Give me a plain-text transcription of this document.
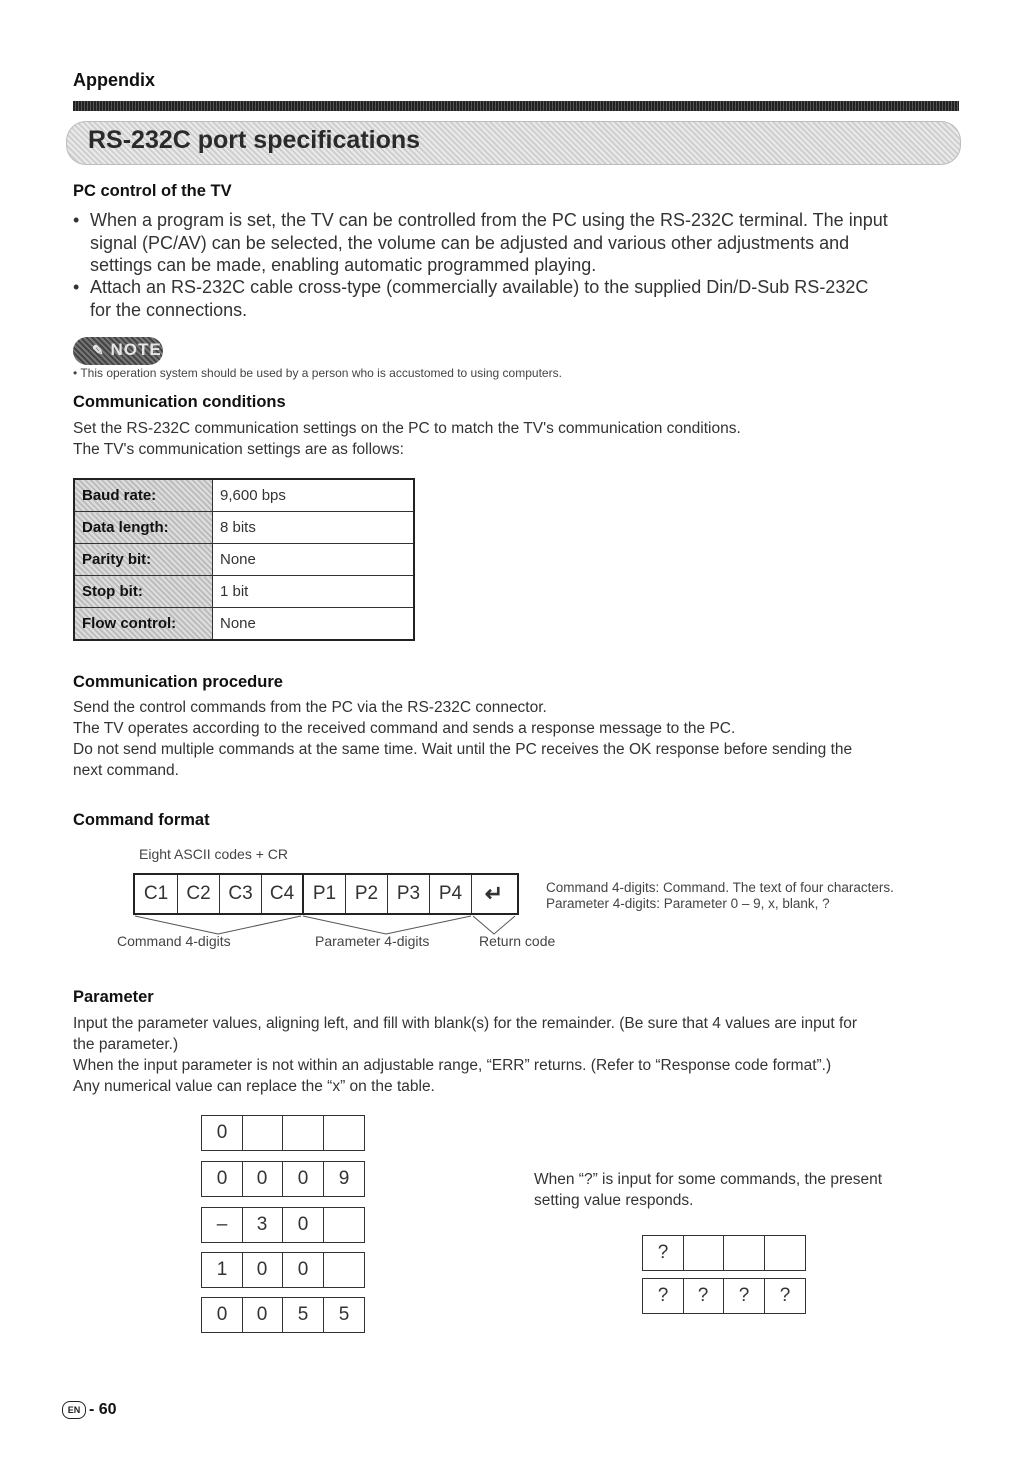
Appendix
RS-232C port specifications
PC control of the TV
• When a program is set, the TV can be controlled from the PC using the RS-232C terminal. The input
signal (PC/AV) can be selected, the volume can be adjusted and various other adjustments and
settings can be made, enabling automatic programmed playing.
• Attach an RS-232C cable cross-type (commercially available) to the supplied Din/D-Sub RS-232C
for the connections.
✎ NOTE
• This operation system should be used by a person who is accustomed to using computers.
Communication conditions
Set the RS-232C communication settings on the PC to match the TV's communication conditions.
The TV's communication settings are as follows:
Baud rate:	9,600 bps
Data length:	8 bits
Parity bit:	None
Stop bit:	1 bit
Flow control:	None
Communication procedure
Send the control commands from the PC via the RS-232C connector.
The TV operates according to the received command and sends a response message to the PC.
Do not send multiple commands at the same time. Wait until the PC receives the OK response before sending the
next command.
Command format
Eight ASCII codes + CR
C1 C2 C3 C4 P1 P2 P3 P4	↵
Command 4-digits	Parameter 4-digits	Return code
Command 4-digits: Command. The text of four characters.
Parameter 4-digits: Parameter 0 – 9, x, blank, ?
Parameter
Input the parameter values, aligning left, and fill with blank(s) for the remainder. (Be sure that 4 values are input for
the parameter.)
When the input parameter is not within an adjustable range, “ERR” returns. (Refer to “Response code format”.)
Any numerical value can replace the “x” on the table.
0
0	0	0	9
–	3	0
1	0	0
0	0	5	5
When “?” is input for some commands, the present
setting value responds.
?
?	?	?	?
EN - 60
